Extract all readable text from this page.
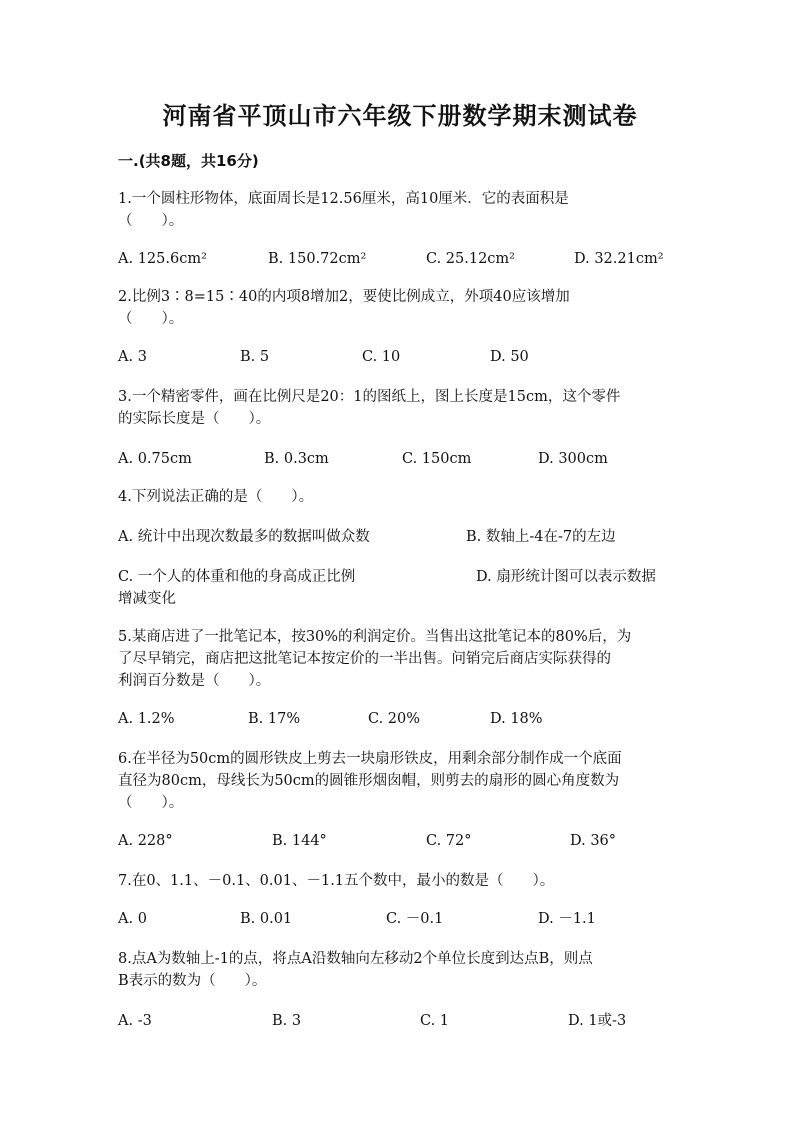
河南省平顶山市六年级下册数学期末测试卷
一.(共8题，共16分)
1.一个圆柱形物体，底面周长是12.56厘米，高10厘米．它的表面积是
（　　）。
A. 125.6cm²	B. 150.72cm²	C. 25.12cm²	D. 32.21cm²
2.比例3∶8=15∶40的内项8增加2，要使比例成立，外项40应该增加
（　　）。
A. 3	B. 5	C. 10	D. 50
3.一个精密零件，画在比例尺是20：1的图纸上，图上长度是15cm，这个零件
的实际长度是（　　）。
A. 0.75cm	B. 0.3cm	C. 150cm	D. 300cm
4.下列说法正确的是（　　）。
A. 统计中出现次数最多的数据叫做众数	B. 数轴上-4在-7的左边
C. 一个人的体重和他的身高成正比例	D. 扇形统计图可以表示数据
增减变化
5.某商店进了一批笔记本，按30%的利润定价。当售出这批笔记本的80%后，为
了尽早销完，商店把这批笔记本按定价的一半出售。问销完后商店实际获得的
利润百分数是（　　）。
A. 1.2%	B. 17%	C. 20%	D. 18%
6.在半径为50cm的圆形铁皮上剪去一块扇形铁皮，用剩余部分制作成一个底面
直径为80cm，母线长为50cm的圆锥形烟囱帽，则剪去的扇形的圆心角度数为
（　　）。
A. 228°	B. 144°	C. 72°	D. 36°
7.在0、1.1、－0.1、0.01、－1.1五个数中，最小的数是（　　）。
A. 0	B. 0.01	C. －0.1	D. －1.1
8.点A为数轴上-1的点，将点A沿数轴向左移动2个单位长度到达点B，则点
B表示的数为（　　）。
A. -3	B. 3	C. 1	D. 1或-3
